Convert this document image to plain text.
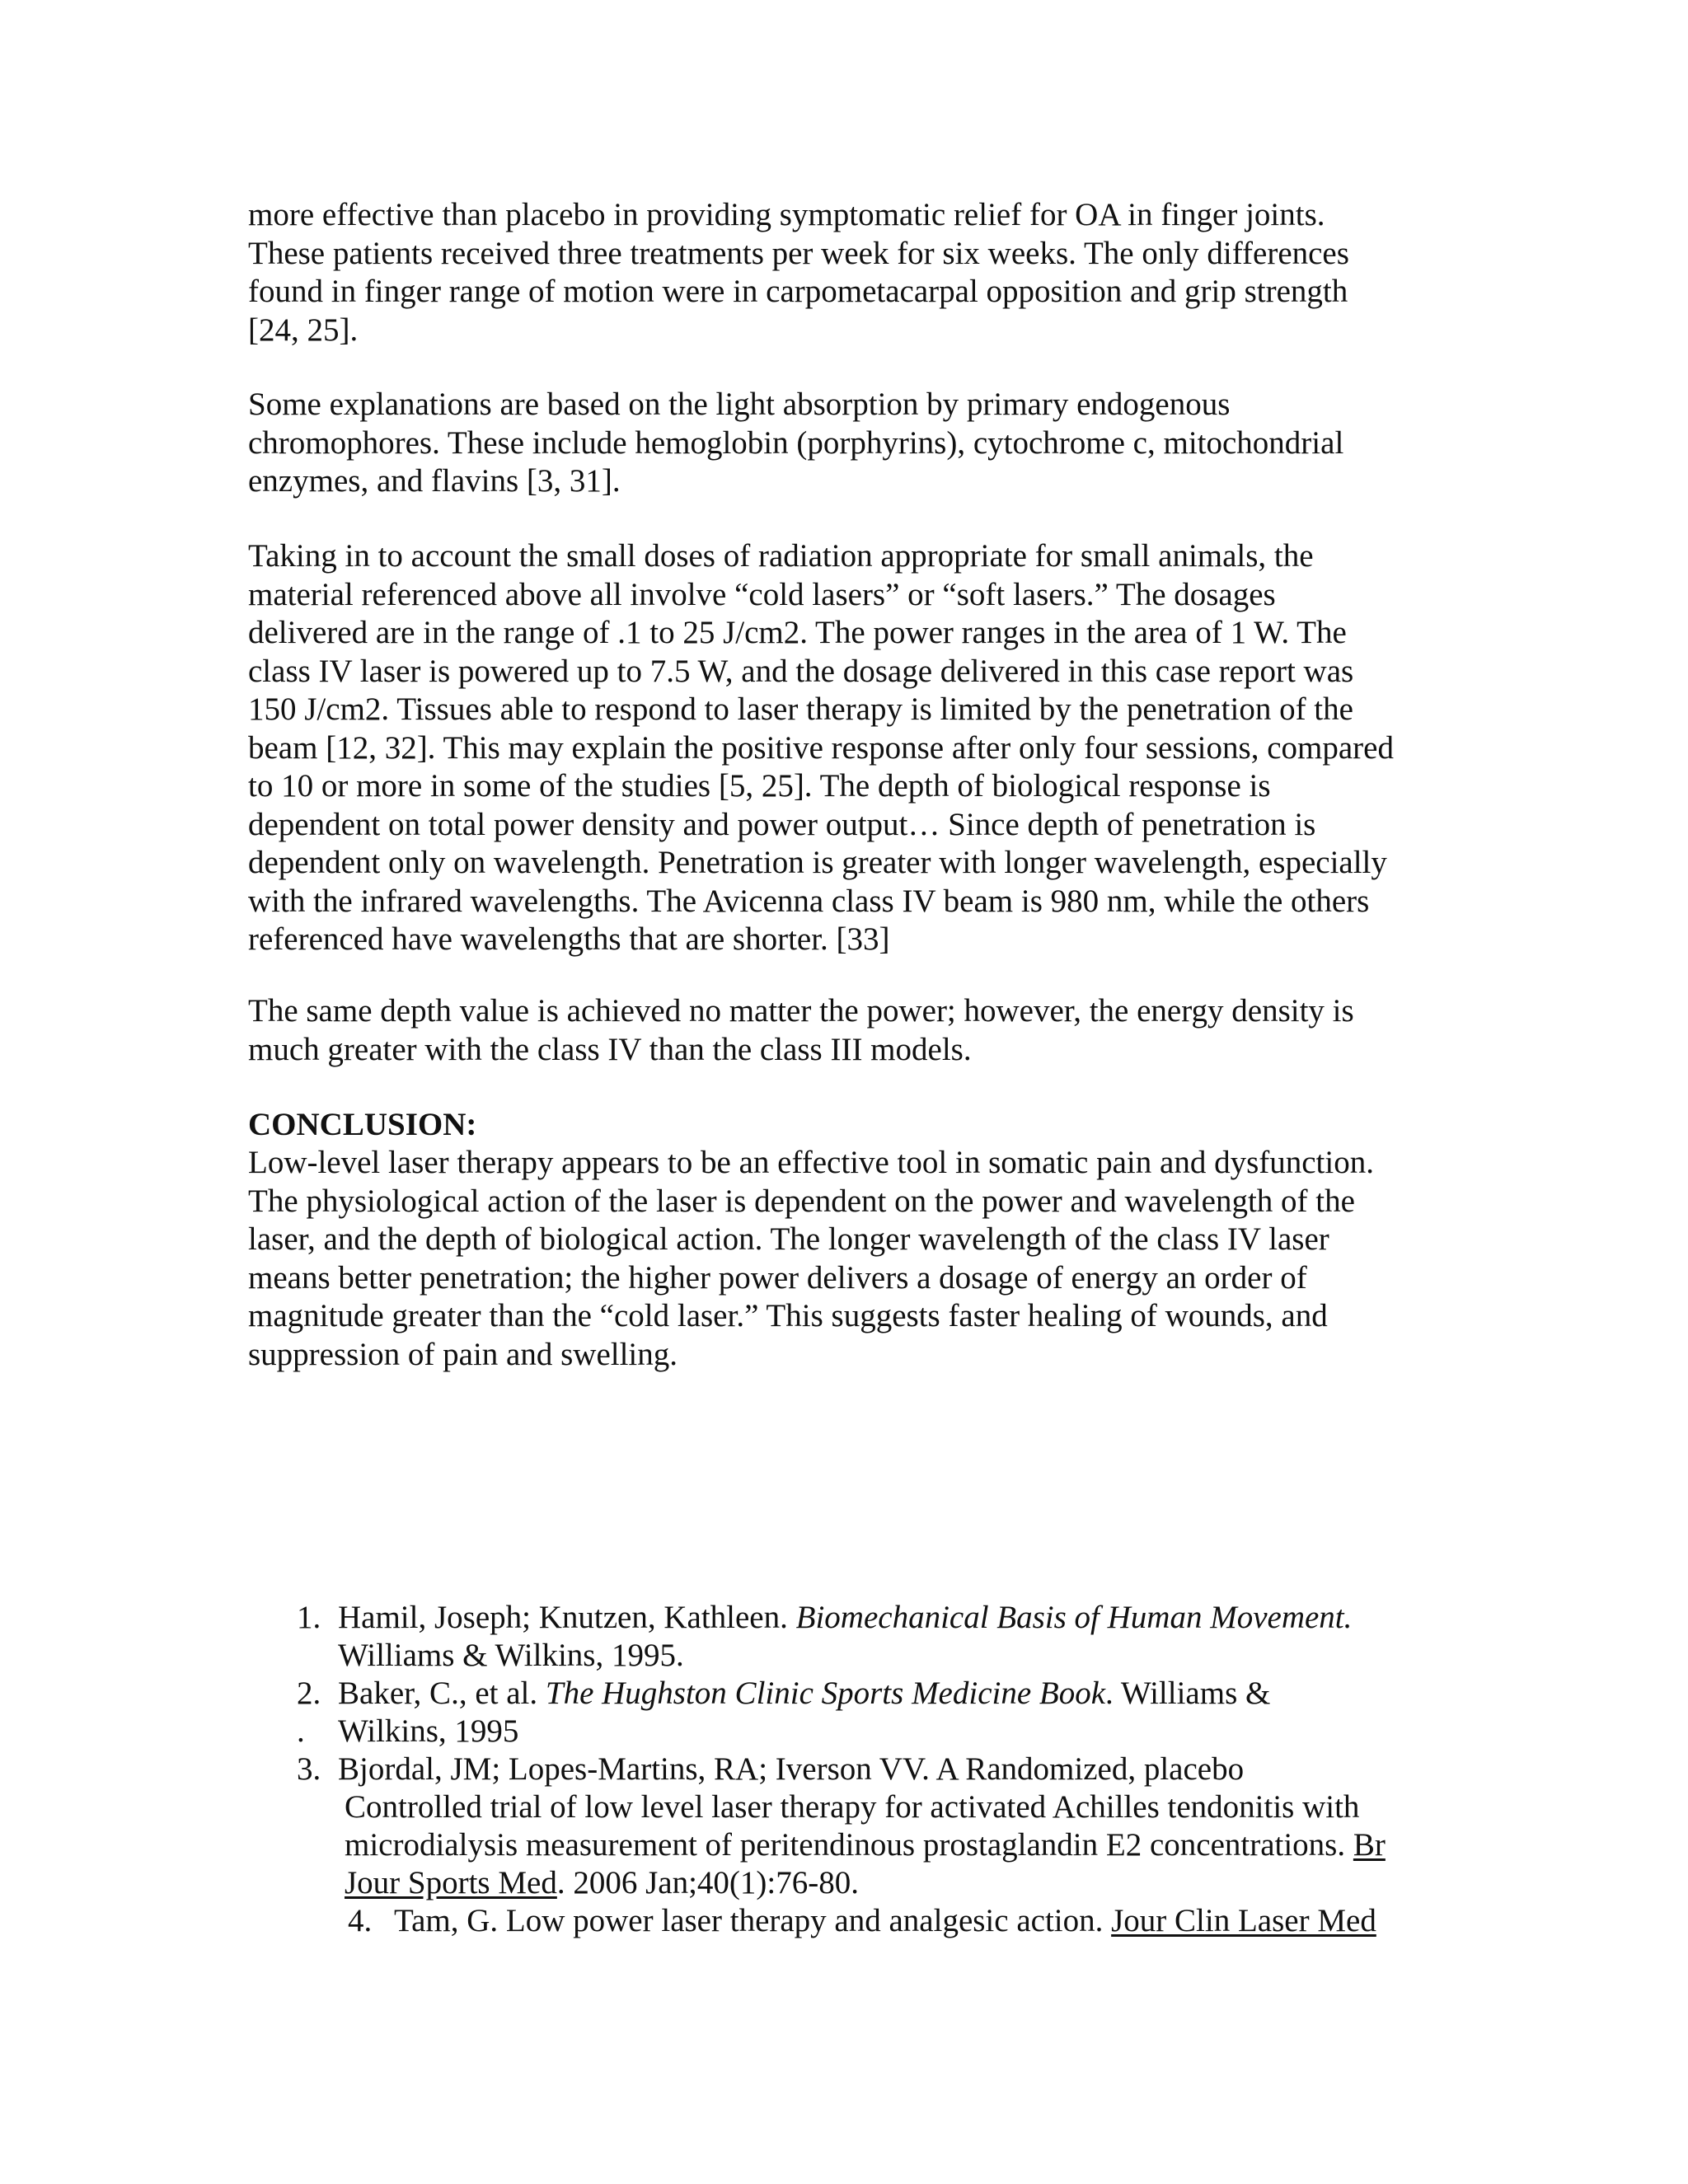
more effective than placebo in providing symptomatic relief for OA in finger joints.
These patients received three treatments per week for six weeks. The only differences
found in finger range of motion were in carpometacarpal opposition and grip strength
[24, 25].
Some explanations are based on the light absorption by primary endogenous
chromophores. These include hemoglobin (porphyrins), cytochrome c, mitochondrial
enzymes, and flavins [3, 31].
Taking in to account the small doses of radiation appropriate for small animals, the
material referenced above all involve “cold lasers” or “soft lasers.” The dosages
delivered are in the range of .1 to 25 J/cm2. The power ranges in the area of 1 W. The
class IV laser is powered up to 7.5 W, and the dosage delivered in this case report was
150 J/cm2. Tissues able to respond to laser therapy is limited by the penetration of the
beam [12, 32]. This may explain the positive response after only four sessions, compared
to 10 or more in some of the studies [5, 25]. The depth of biological response is
dependent on total power density and power output… Since depth of penetration is
dependent only on wavelength. Penetration is greater with longer wavelength, especially
with the infrared wavelengths. The Avicenna class IV beam is 980 nm, while the others
referenced have wavelengths that are shorter. [33]
The same depth value is achieved no matter the power; however, the energy density is
much greater with the class IV than the class III models.
CONCLUSION:
Low-level laser therapy appears to be an effective tool in somatic pain and dysfunction.
The physiological action of the laser is dependent on the power and wavelength of the
laser, and the depth of biological action. The longer wavelength of the class IV laser
means better penetration; the higher power delivers a dosage of energy an order of
magnitude greater than the “cold laser.” This suggests faster healing of wounds, and
suppression of pain and swelling.
1. Hamil, Joseph; Knutzen, Kathleen. Biomechanical Basis of Human Movement.
Williams & Wilkins, 1995.
2. Baker, C., et al. The Hughston Clinic Sports Medicine Book. Williams &
. Wilkins, 1995
3. Bjordal, JM; Lopes-Martins, RA; Iverson VV. A Randomized, placebo
Controlled trial of low level laser therapy for activated Achilles tendonitis with
microdialysis measurement of peritendinous prostaglandin E2 concentrations. Br
Jour Sports Med. 2006 Jan;40(1):76-80.
4. Tam, G. Low power laser therapy and analgesic action. Jour Clin Laser Med
